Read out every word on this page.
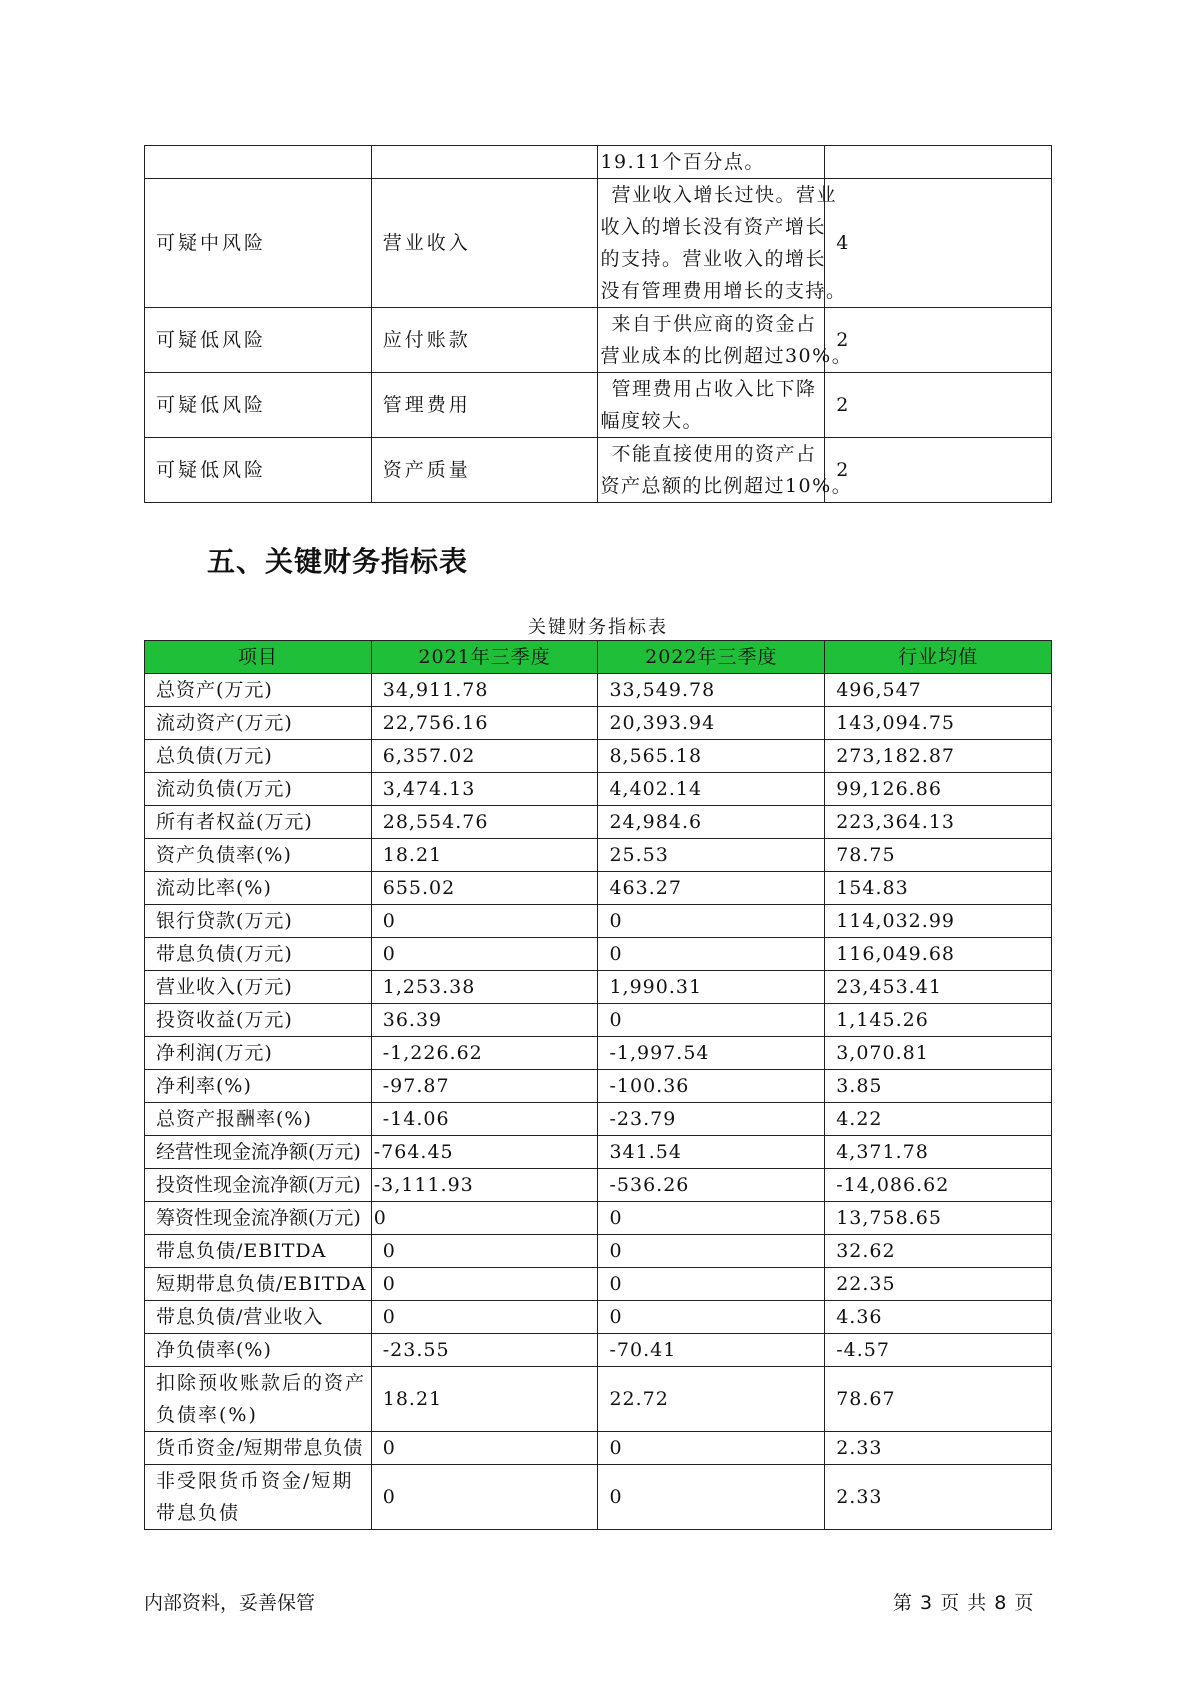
		19.11个百分点。	

可疑中风险	营业收入	营业收入增长过快。营业
收入的增长没有资产增长
的支持。营业收入的增长
没有管理费用增长的支持。	4
可疑低风险	应付账款	来自于供应商的资金占
营业成本的比例超过30%。	2
可疑低风险	管理费用	管理费用占收入比下降
幅度较大。	2
可疑低风险	资产质量	不能直接使用的资产占
资产总额的比例超过10%。	2
五、关键财务指标表
关键财务指标表
项目	2021年三季度	2022年三季度	行业均值
总资产(万元)	34,911.78	33,549.78	496,547
流动资产(万元)	22,756.16	20,393.94	143,094.75
总负债(万元)	6,357.02	8,565.18	273,182.87
流动负债(万元)	3,474.13	4,402.14	99,126.86
所有者权益(万元)	28,554.76	24,984.6	223,364.13
资产负债率(%)	18.21	25.53	78.75
流动比率(%)	655.02	463.27	154.83
银行贷款(万元)	0	0	114,032.99
带息负债(万元)	0	0	116,049.68
营业收入(万元)	1,253.38	1,990.31	23,453.41
投资收益(万元)	36.39	0	1,145.26
净利润(万元)	-1,226.62	-1,997.54	3,070.81
净利率(%)	-97.87	-100.36	3.85
总资产报酬率(%)	-14.06	-23.79	4.22
经营性现金流净额(万元)	-764.45	341.54	4,371.78
投资性现金流净额(万元)	-3,111.93	-536.26	-14,086.62
筹资性现金流净额(万元)	0	0	13,758.65
带息负债/EBITDA	0	0	32.62
短期带息负债/EBITDA	0	0	22.35
带息负债/营业收入	0	0	4.36
净负债率(%)	-23.55	-70.41	-4.57
扣除预收账款后的资产负债率(%)	18.21	22.72	78.67
货币资金/短期带息负债	0	0	2.33
非受限货币资金/短期带息负债	0	0	2.33
内部资料，妥善保管	第 3 页 共 8 页
